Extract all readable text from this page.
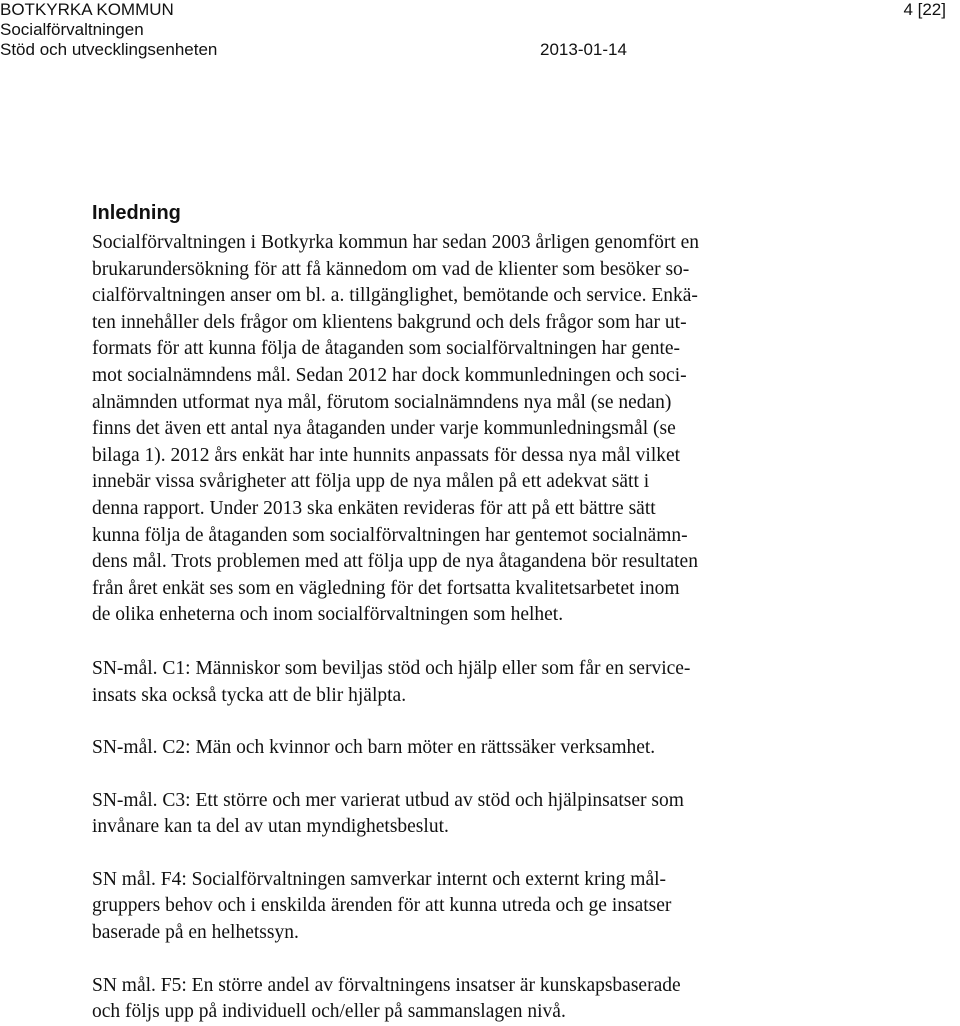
BOTKYRKA KOMMUN
Socialförvaltningen
Stöd och utvecklingsenheten	2013-01-14
4 [22]
Inledning
Socialförvaltningen i Botkyrka kommun har sedan 2003 årligen genomfört en
brukarundersökning för att få kännedom om vad de klienter som besöker so-
cialförvaltningen anser om bl. a. tillgänglighet, bemötande och service. Enkä-
ten innehåller dels frågor om klientens bakgrund och dels frågor som har ut-
formats för att kunna följa de åtaganden som socialförvaltningen har gente-
mot socialnämndens mål. Sedan 2012 har dock kommunledningen och soci-
alnämnden utformat nya mål, förutom socialnämndens nya mål (se nedan)
finns det även ett antal nya åtaganden under varje kommunledningsmål (se
bilaga 1). 2012 års enkät har inte hunnits anpassats för dessa nya mål vilket
innebär vissa svårigheter att följa upp de nya målen på ett adekvat sätt i
denna rapport. Under 2013 ska enkäten revideras för att på ett bättre sätt
kunna följa de åtaganden som socialförvaltningen har gentemot socialnämn-
dens mål. Trots problemen med att följa upp de nya åtagandena bör resultaten
från året enkät ses som en vägledning för det fortsatta kvalitetsarbetet inom
de olika enheterna och inom socialförvaltningen som helhet.
SN-mål. C1: Människor som beviljas stöd och hjälp eller som får en service-
insats ska också tycka att de blir hjälpta.
SN-mål. C2: Män och kvinnor och barn möter en rättssäker verksamhet.
SN-mål. C3: Ett större och mer varierat utbud av stöd och hjälpinsatser som
invånare kan ta del av utan myndighetsbeslut.
SN mål. F4: Socialförvaltningen samverkar internt och externt kring mål-
gruppers behov och i enskilda ärenden för att kunna utreda och ge insatser
baserade på en helhetssyn.
SN mål. F5: En större andel av förvaltningens insatser är kunskapsbaserade
och följs upp på individuell och/eller på sammanslagen nivå.
